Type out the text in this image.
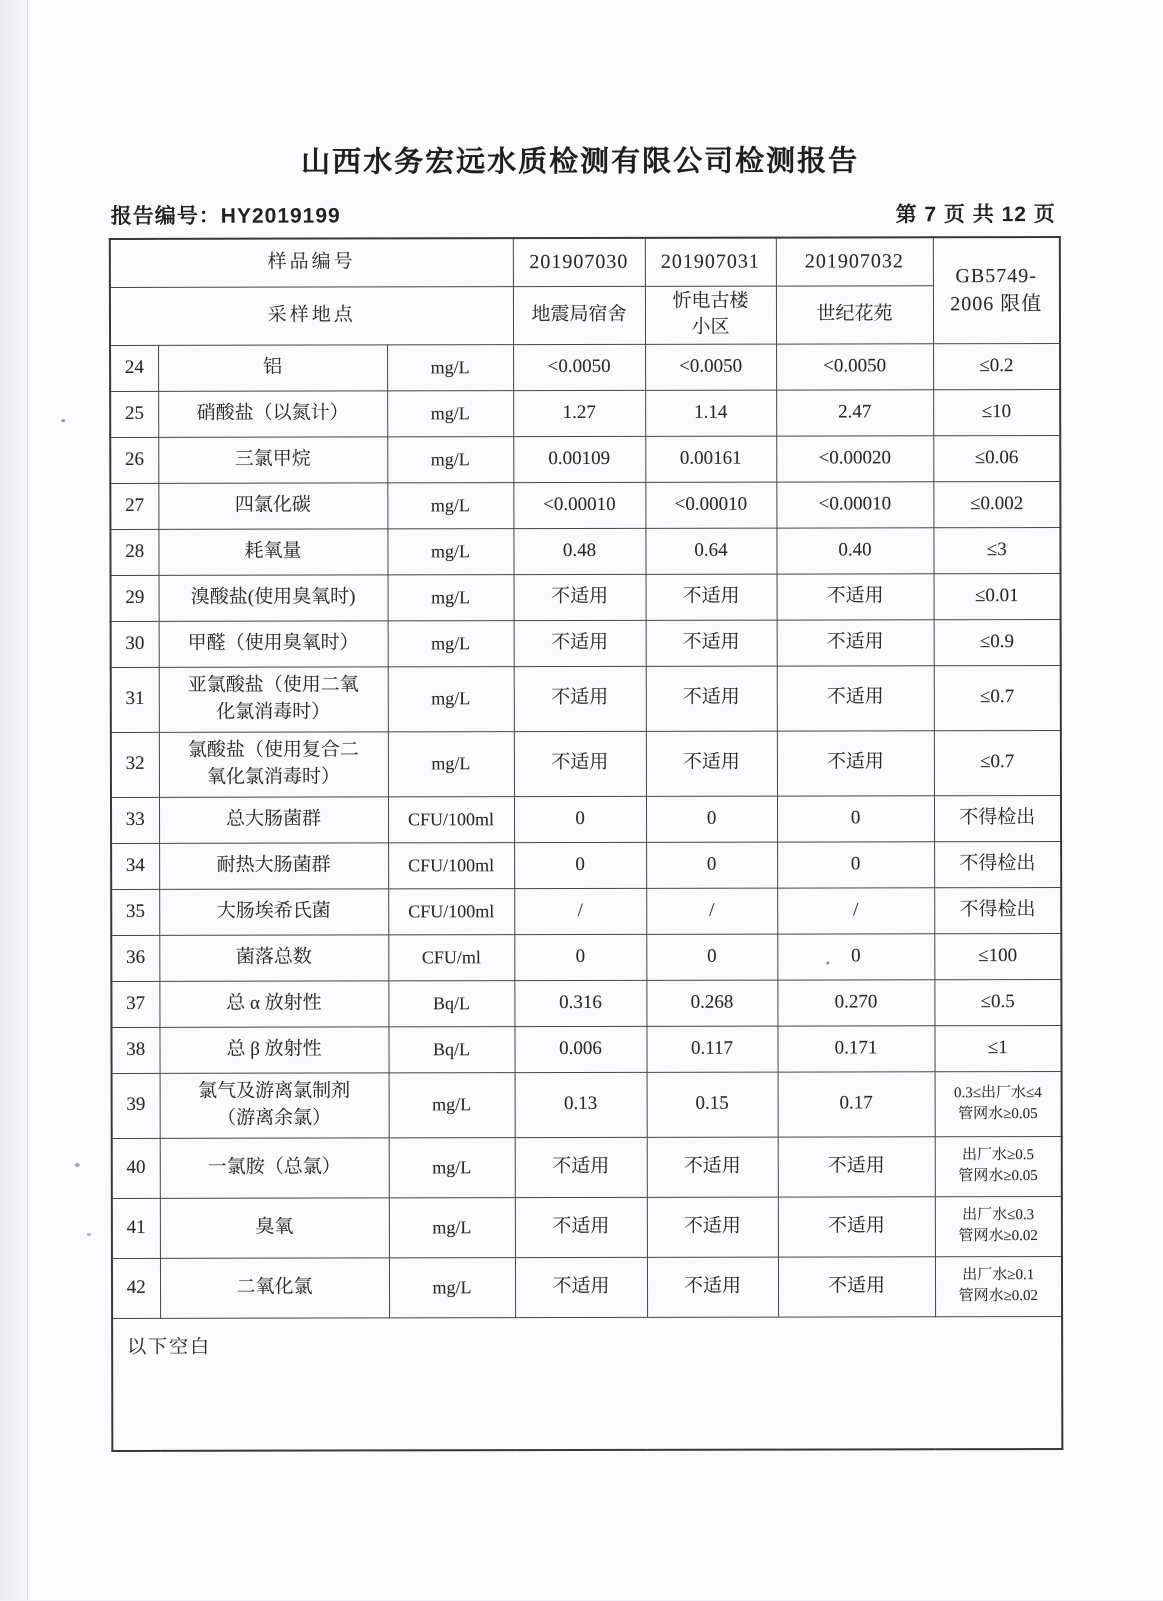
山西水务宏远水质检测有限公司检测报告
报告编号：HY2019199	第 7 页 共 12 页
样品编号			201907030	201907031	201907032	GB5749-
2006 限值
采样地点			地震局宿舍	忻电古楼
小区	世纪花苑	
24	铝	mg/L	<0.0050	<0.0050	<0.0050	≤0.2
25	硝酸盐（以氮计）	mg/L	1.27	1.14	2.47	≤10
26	三氯甲烷	mg/L	0.00109	0.00161	<0.00020	≤0.06
27	四氯化碳	mg/L	<0.00010	<0.00010	<0.00010	≤0.002
28	耗氧量	mg/L	0.48	0.64	0.40	≤3
29	溴酸盐(使用臭氧时)	mg/L	不适用	不适用	不适用	≤0.01
30	甲醛（使用臭氧时）	mg/L	不适用	不适用	不适用	≤0.9
31	亚氯酸盐（使用二氧
化氯消毒时）	mg/L	不适用	不适用	不适用	≤0.7
32	氯酸盐（使用复合二
氧化氯消毒时）	mg/L	不适用	不适用	不适用	≤0.7
33	总大肠菌群	CFU/100ml	0	0	0	不得检出
34	耐热大肠菌群	CFU/100ml	0	0	0	不得检出
35	大肠埃希氏菌	CFU/100ml	/	/	/	不得检出
36	菌落总数	CFU/ml	0	0	0	≤100
37	总 α 放射性	Bq/L	0.316	0.268	0.270	≤0.5
38	总 β 放射性	Bq/L	0.006	0.117	0.171	≤1
39	氯气及游离氯制剂
（游离余氯）	mg/L	0.13	0.15	0.17	0.3≤出厂水≤4
管网水≥0.05
40	一氯胺（总氯）	mg/L	不适用	不适用	不适用	出厂水≥0.5
管网水≥0.05
41	臭氧	mg/L	不适用	不适用	不适用	出厂水≤0.3
管网水≥0.02
42	二氧化氯	mg/L	不适用	不适用	不适用	出厂水≥0.1
管网水≥0.02
以下空白						
